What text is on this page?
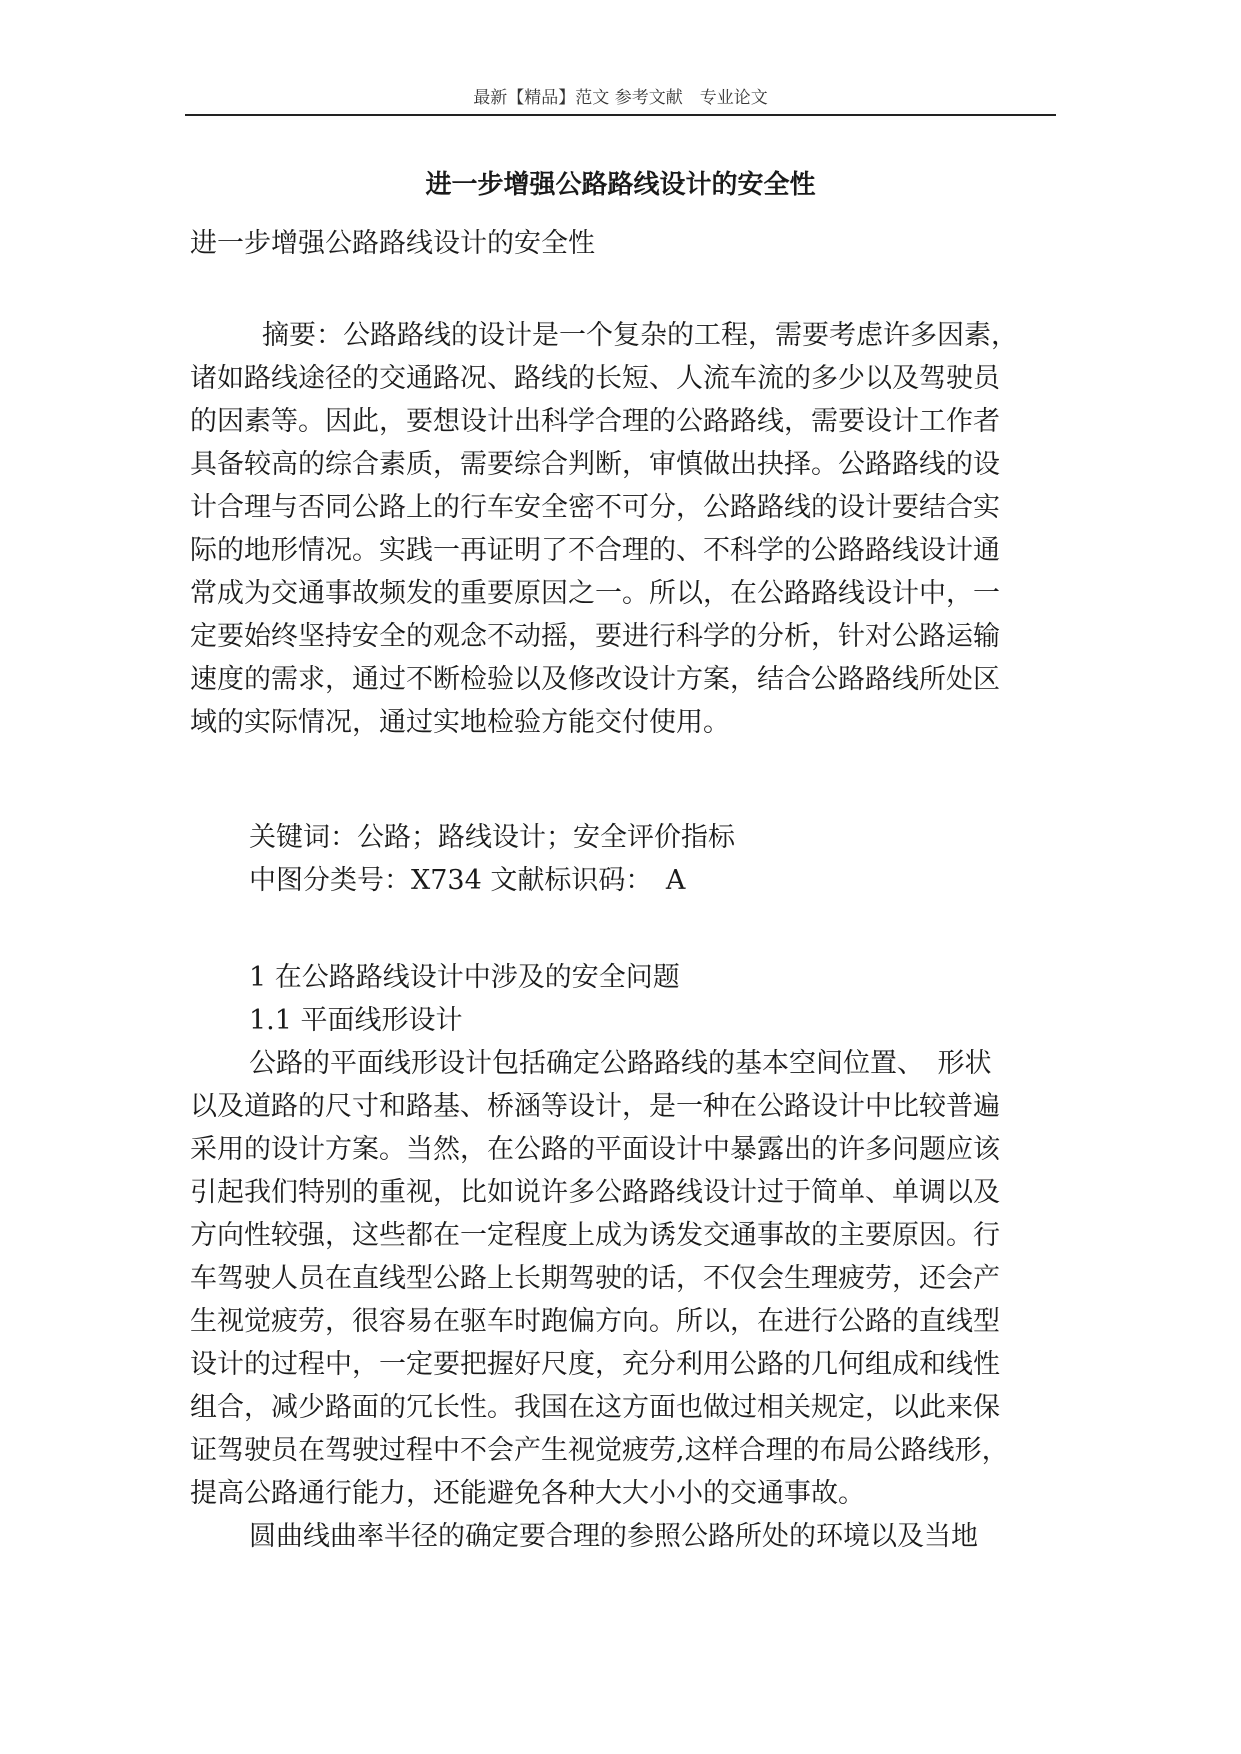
最新【精品】范文 参考文献　专业论文
进一步增强公路路线设计的安全性
进一步增强公路路线设计的安全性
摘要：公路路线的设计是一个复杂的工程，需要考虑许多因素，
诸如路线途径的交通路况、路线的长短、人流车流的多少以及驾驶员
的因素等。因此，要想设计出科学合理的公路路线，需要设计工作者
具备较高的综合素质，需要综合判断，审慎做出抉择。公路路线的设
计合理与否同公路上的行车安全密不可分，公路路线的设计要结合实
际的地形情况。实践一再证明了不合理的、不科学的公路路线设计通
常成为交通事故频发的重要原因之一。所以，在公路路线设计中，一
定要始终坚持安全的观念不动摇，要进行科学的分析，针对公路运输
速度的需求，通过不断检验以及修改设计方案，结合公路路线所处区
域的实际情况，通过实地检验方能交付使用。
关键词：公路；路线设计；安全评价指标
中图分类号：X734 文献标识码：　A
1 在公路路线设计中涉及的安全问题
1.1 平面线形设计
公路的平面线形设计包括确定公路路线的基本空间位置、　形状
以及道路的尺寸和路基、桥涵等设计，是一种在公路设计中比较普遍
采用的设计方案。当然，在公路的平面设计中暴露出的许多问题应该
引起我们特别的重视，比如说许多公路路线设计过于简单、单调以及
方向性较强，这些都在一定程度上成为诱发交通事故的主要原因。行
车驾驶人员在直线型公路上长期驾驶的话，不仅会生理疲劳，还会产
生视觉疲劳，很容易在驱车时跑偏方向。所以，在进行公路的直线型
设计的过程中，一定要把握好尺度，充分利用公路的几何组成和线性
组合，减少路面的冗长性。我国在这方面也做过相关规定，以此来保
证驾驶员在驾驶过程中不会产生视觉疲劳,这样合理的布局公路线形，
提高公路通行能力，还能避免各种大大小小的交通事故。
圆曲线曲率半径的确定要合理的参照公路所处的环境以及当地
